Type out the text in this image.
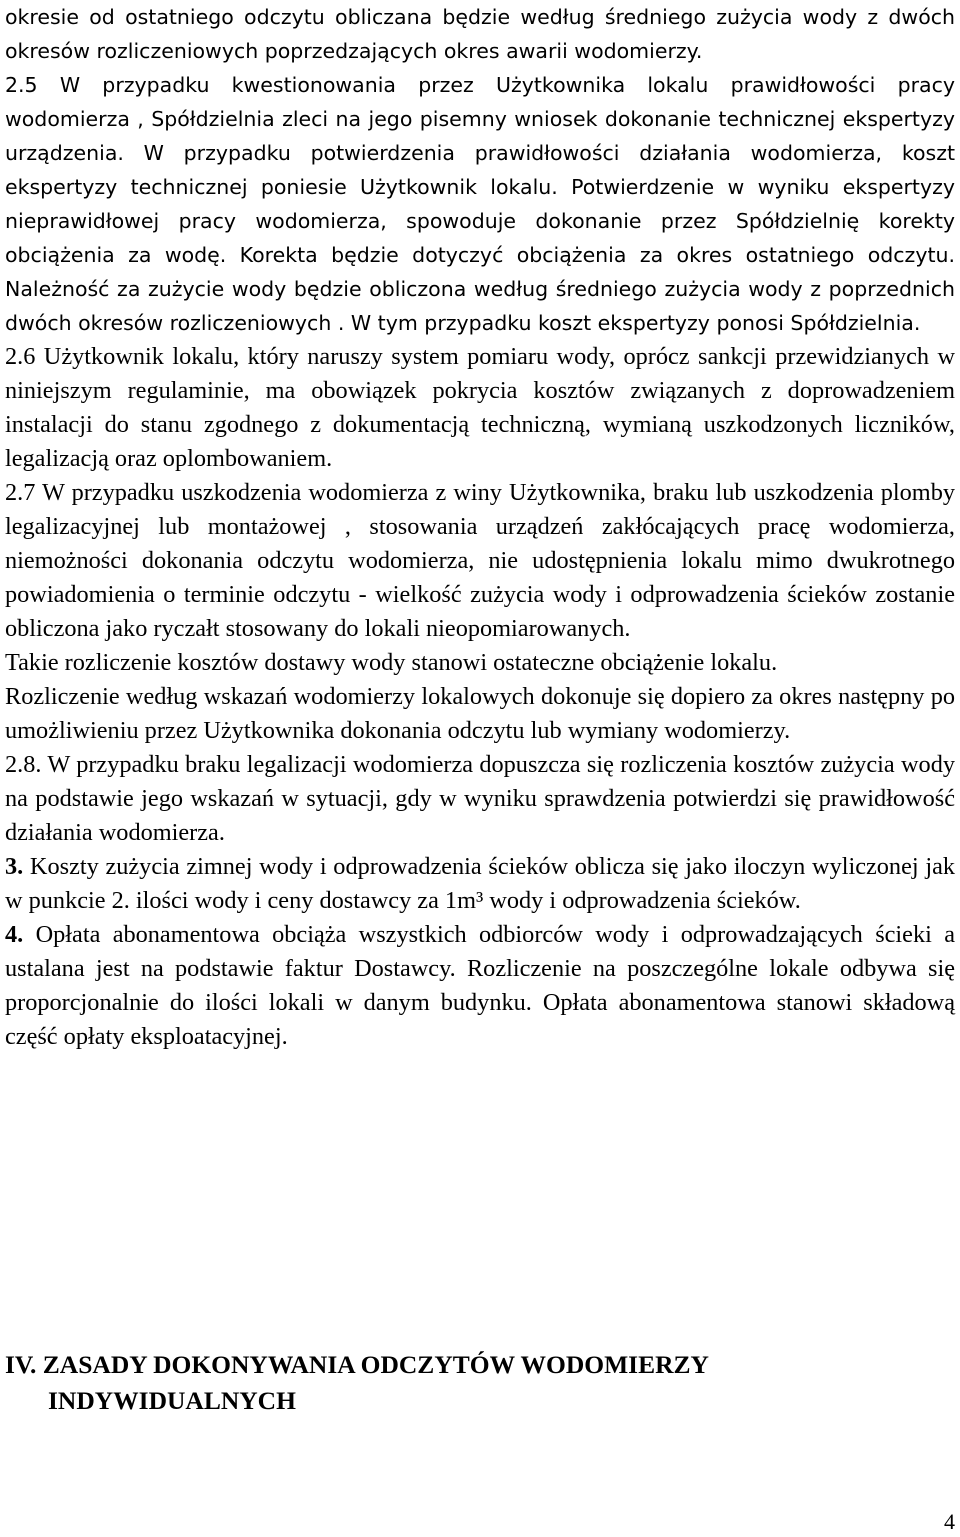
okresie od ostatniego odczytu obliczana będzie według średniego zużycia wody z dwóch okresów rozliczeniowych poprzedzających okres awarii wodomierzy.

2.5 W przypadku kwestionowania przez Użytkownika lokalu prawidłowości pracy wodomierza , Spółdzielnia zleci na jego pisemny wniosek dokonanie technicznej ekspertyzy urządzenia. W przypadku potwierdzenia prawidłowości działania wodomierza, koszt ekspertyzy technicznej poniesie Użytkownik lokalu. Potwierdzenie w wyniku ekspertyzy nieprawidłowej pracy wodomierza, spowoduje dokonanie przez Spółdzielnię korekty obciążenia za wodę. Korekta będzie dotyczyć obciążenia za okres ostatniego odczytu. Należność za zużycie wody będzie obliczona według średniego zużycia wody z poprzednich dwóch okresów rozliczeniowych . W tym przypadku koszt ekspertyzy ponosi Spółdzielnia.

2.6 Użytkownik lokalu, który naruszy system pomiaru wody, oprócz sankcji przewidzianych w niniejszym regulaminie, ma obowiązek pokrycia kosztów związanych z doprowadzeniem instalacji do stanu zgodnego z dokumentacją techniczną, wymianą uszkodzonych liczników, legalizacją oraz oplombowaniem.

2.7 W przypadku uszkodzenia wodomierza z winy Użytkownika, braku lub uszkodzenia plomby legalizacyjnej lub montażowej , stosowania urządzeń zakłócających pracę wodomierza, niemożności dokonania odczytu wodomierza, nie udostępnienia lokalu mimo dwukrotnego powiadomienia o terminie odczytu - wielkość zużycia wody i odprowadzenia ścieków zostanie obliczona jako ryczałt stosowany do lokali nieopomiarowanych.

Takie rozliczenie kosztów dostawy wody stanowi ostateczne obciążenie lokalu.

Rozliczenie według wskazań wodomierzy lokalowych dokonuje się dopiero za okres następny po umożliwieniu przez Użytkownika dokonania odczytu lub wymiany wodomierzy.

2.8. W przypadku braku legalizacji wodomierza dopuszcza się rozliczenia kosztów zużycia wody na podstawie jego wskazań w sytuacji, gdy w wyniku sprawdzenia potwierdzi się prawidłowość działania wodomierza.

3. Koszty zużycia zimnej wody i odprowadzenia ścieków oblicza się jako iloczyn wyliczonej jak w punkcie 2. ilości wody i ceny dostawcy za 1m³ wody i odprowadzenia ścieków.

4. Opłata abonamentowa obciąża wszystkich odbiorców wody i odprowadzających ścieki a ustalana jest na podstawie faktur Dostawcy. Rozliczenie na poszczególne lokale odbywa się proporcjonalnie do ilości lokali w danym budynku. Opłata abonamentowa stanowi składową część opłaty eksploatacyjnej.

IV. ZASADY DOKONYWANIA ODCZYTÓW WODOMIERZY
INDYWIDUALNYCH
4
